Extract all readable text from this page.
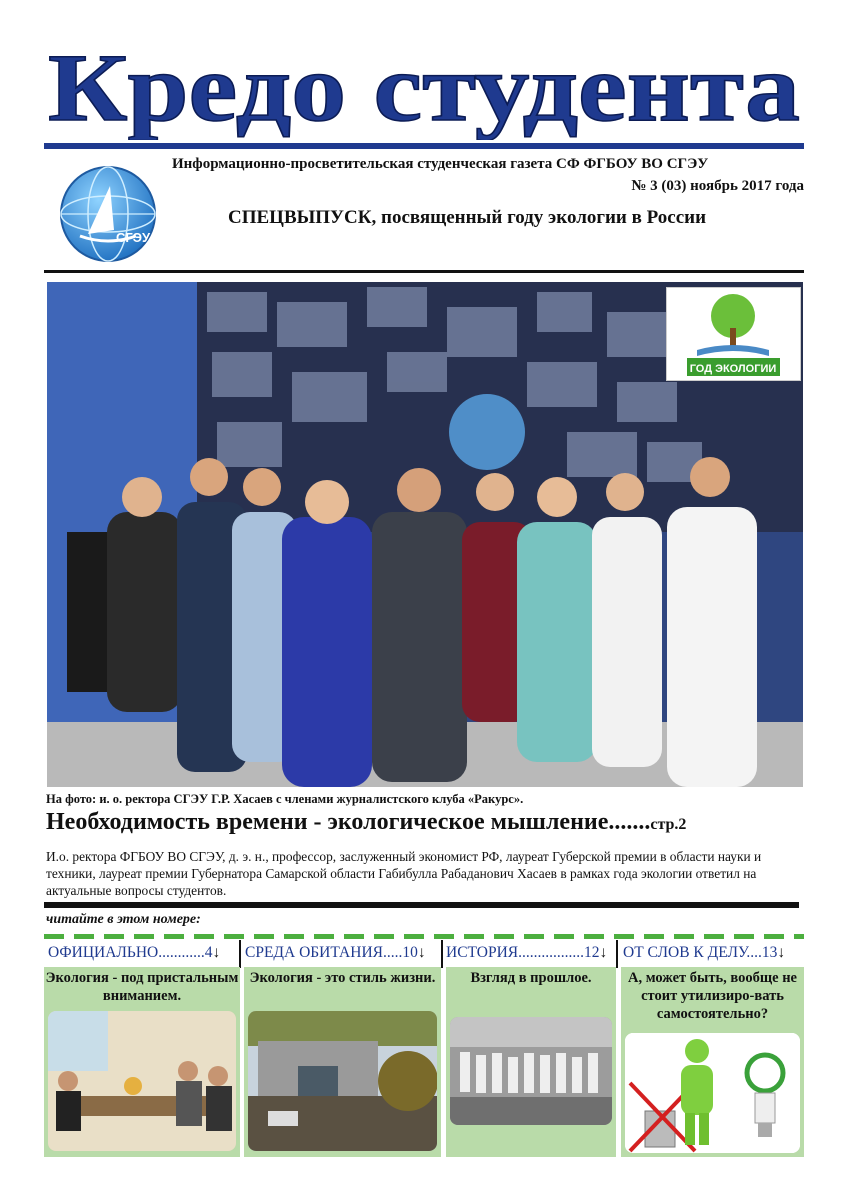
Кредо студента
СГЭУ
Информационно-просветительская студенческая газета СФ ФГБОУ ВО СГЭУ
№ 3 (03) ноябрь 2017 года
СПЕЦВЫПУСК, посвященный году экологии в России
ГОД ЭКОЛОГИИ
На фото: и. о. ректора СГЭУ Г.Р. Хасаев с членами журналистского клуба «Ракурс».
Необходимость времени - экологическое мышление.......стр.2
И.о. ректора ФГБОУ ВО СГЭУ, д. э. н., профессор, заслуженный экономист РФ, лауреат Губерской премии в области науки и техники, лауреат премии Губернатора Самарской области Габибулла Рабаданович Хасаев в рамках года экологии ответил на актуальные вопросы студентов.
читайте в этом номере:
ОФИЦИАЛЬНО............4↓ СРЕДА ОБИТАНИЯ.....10↓ ИСТОРИЯ.................12↓ ОТ СЛОВ К ДЕЛУ....13↓
Экология - под пристальным вниманием.
Экология - это стиль жизни.	Взгляд в прошлое.	А, может быть, вообще не стоит утилизиро-вать самостоятельно?
